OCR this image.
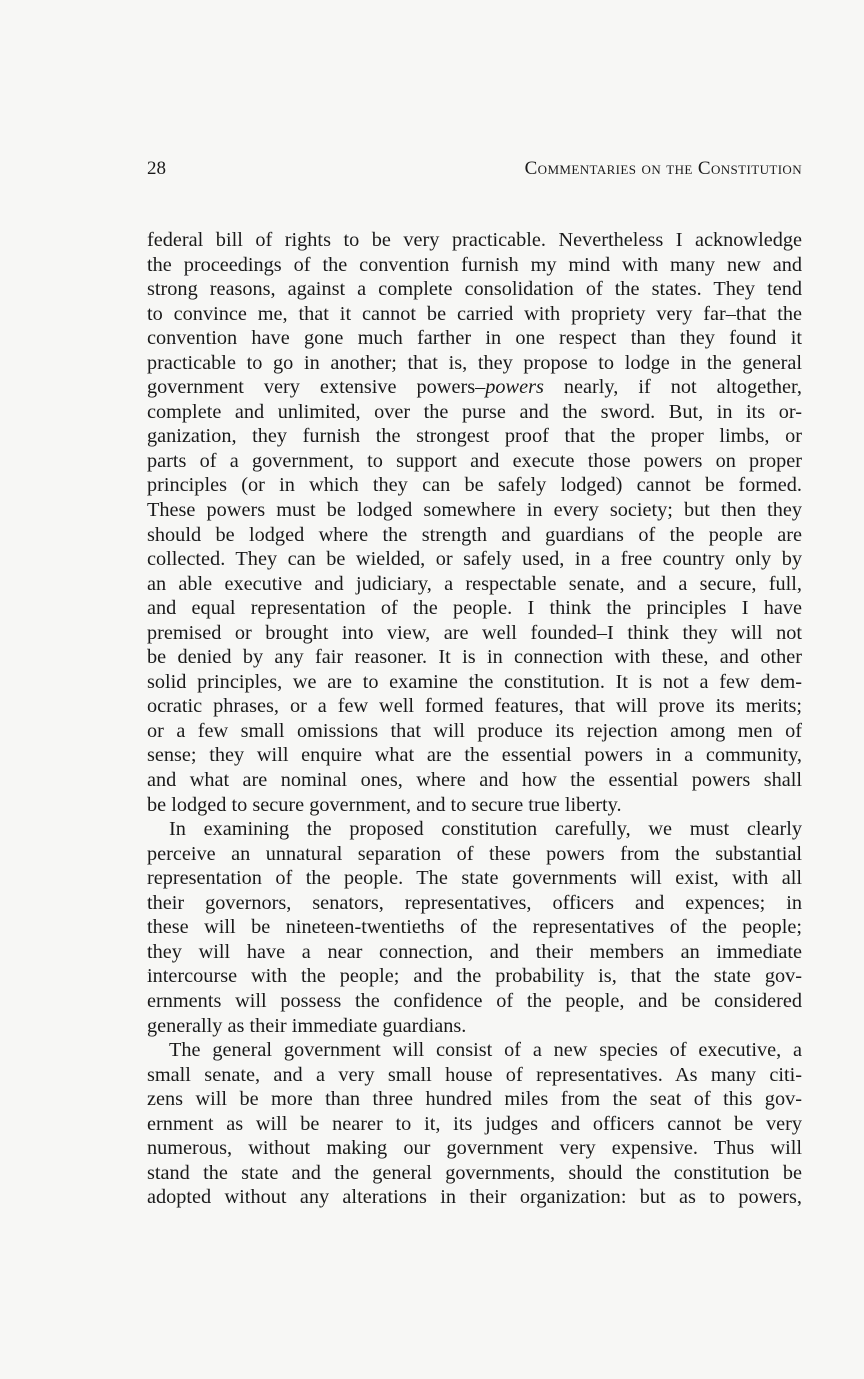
28	Commentaries on the Constitution

federal bill of rights to be very practicable. Nevertheless I acknowledge
the proceedings of the convention furnish my mind with many new and
strong reasons, against a complete consolidation of the states. They tend
to convince me, that it cannot be carried with propriety very far–that the
convention have gone much farther in one respect than they found it
practicable to go in another; that is, they propose to lodge in the general
government very extensive powers–powers nearly, if not altogether,
complete and unlimited, over the purse and the sword. But, in its or-
ganization, they furnish the strongest proof that the proper limbs, or
parts of a government, to support and execute those powers on proper
principles (or in which they can be safely lodged) cannot be formed.
These powers must be lodged somewhere in every society; but then they
should be lodged where the strength and guardians of the people are
collected. They can be wielded, or safely used, in a free country only by
an able executive and judiciary, a respectable senate, and a secure, full,
and equal representation of the people. I think the principles I have
premised or brought into view, are well founded–I think they will not
be denied by any fair reasoner. It is in connection with these, and other
solid principles, we are to examine the constitution. It is not a few dem-
ocratic phrases, or a few well formed features, that will prove its merits;
or a few small omissions that will produce its rejection among men of
sense; they will enquire what are the essential powers in a community,
and what are nominal ones, where and how the essential powers shall
be lodged to secure government, and to secure true liberty.

In examining the proposed constitution carefully, we must clearly
perceive an unnatural separation of these powers from the substantial
representation of the people. The state governments will exist, with all
their governors, senators, representatives, officers and expences; in
these will be nineteen-twentieths of the representatives of the people;
they will have a near connection, and their members an immediate
intercourse with the people; and the probability is, that the state gov-
ernments will possess the confidence of the people, and be considered
generally as their immediate guardians.

The general government will consist of a new species of executive, a
small senate, and a very small house of representatives. As many citi-
zens will be more than three hundred miles from the seat of this gov-
ernment as will be nearer to it, its judges and officers cannot be very
numerous, without making our government very expensive. Thus will
stand the state and the general governments, should the constitution be
adopted without any alterations in their organization: but as to powers,
